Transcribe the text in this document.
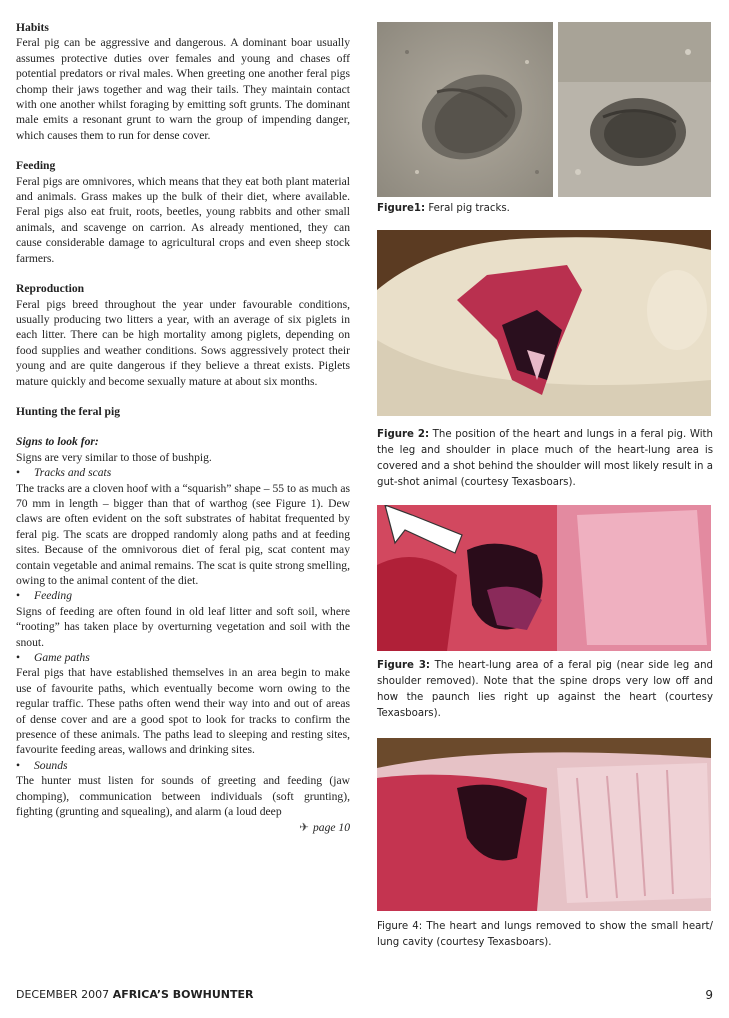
Habits

Feral pig can be aggressive and dangerous. A dominant boar usually assumes protective duties over females and young and chases off potential predators or rival males. When greeting one another feral pigs chomp their jaws together and wag their tails. They maintain contact with one another whilst foraging by emitting soft grunts. The dominant male emits a resonant grunt to warn the group of impending danger, which causes them to run for dense cover.

Feeding

Feral pigs are omnivores, which means that they eat both plant material and animals. Grass makes up the bulk of their diet, where available. Feral pigs also eat fruit, roots, beetles, young rabbits and other small animals, and scavenge on carrion. As already mentioned, they can cause considerable damage to agricultural crops and even sheep stock farmers.

Reproduction

Feral pigs breed throughout the year under favourable conditions, usually producing two litters a year, with an average of six piglets in each litter. There can be high mortality among piglets, depending on food supplies and weather conditions. Sows aggressively protect their young and are quite dangerous if they believe a threat exists. Piglets mature quickly and become sexually mature at about six months.

Hunting the feral pig
Signs to look for:

Signs are very similar to those of bushpig.

• Tracks and scats

The tracks are a cloven hoof with a “squarish” shape – 55 to as much as 70 mm in length – bigger than that of warthog (see Figure 1). Dew claws are often evident on the soft substrates of habitat frequented by feral pig. The scats are dropped randomly along paths and at feeding sites. Because of the omnivorous diet of feral pig, scat content may contain vegetable and animal remains. The scat is quite strong smelling, owing to the animal content of the diet.

• Feeding

Signs of feeding are often found in old leaf litter and soft soil, where “rooting” has taken place by overturning vegetation and soil with the snout.

• Game paths

Feral pigs that have established themselves in an area begin to make use of favourite paths, which eventually become worn owing to the regular traffic. These paths often wend their way into and out of areas of dense cover and are a good spot to look for tracks to confirm the presence of these animals. The paths lead to sleeping and resting sites, favourite feeding areas, wallows and drinking sites.

• Sounds

The hunter must listen for sounds of greeting and feeding (jaw chomping), communication between individuals (soft grunting), fighting (grunting and squealing), and alarm (a loud deep

✈ page 10
Figure1: Feral pig tracks.
Figure 2: The position of the heart and lungs in a feral pig. With the leg and shoulder in place much of the heart-lung area is covered and a shot behind the shoulder will most likely result in a gut-shot animal (courtesy Texasboars).
Figure 3: The heart-lung area of a feral pig (near side leg and shoulder removed). Note that the spine drops very low off and how the paunch lies right up against the heart (courtesy Texasboars).
Figure 4: The heart and lungs removed to show the small heart/ lung cavity (courtesy Texasboars).
DECEMBER 2007 AFRICA’S BOWHUNTER	9
